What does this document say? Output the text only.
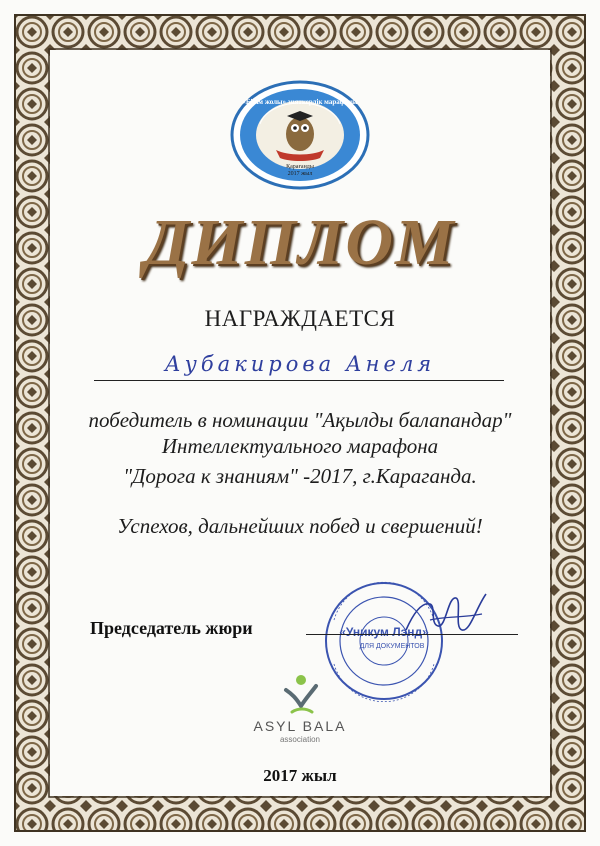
«Білім жолы» зияткерлік марафоны
Қарағанды
2017 жыл
ДИПЛОМ
НАГРАЖДАЕТСЯ
Аубакирова Анеля
победитель в номинации "Ақылды балапандар"
Интеллектуального марафона
"Дорога к знаниям" -2017, г.Караганда.
Успехов, дальнейших побед и свершений!
«Уникум Лэнд»
ДЛЯ ДОКУМЕНТОВ
Председатель жюри
ASYL BALA
association
2017 жыл
